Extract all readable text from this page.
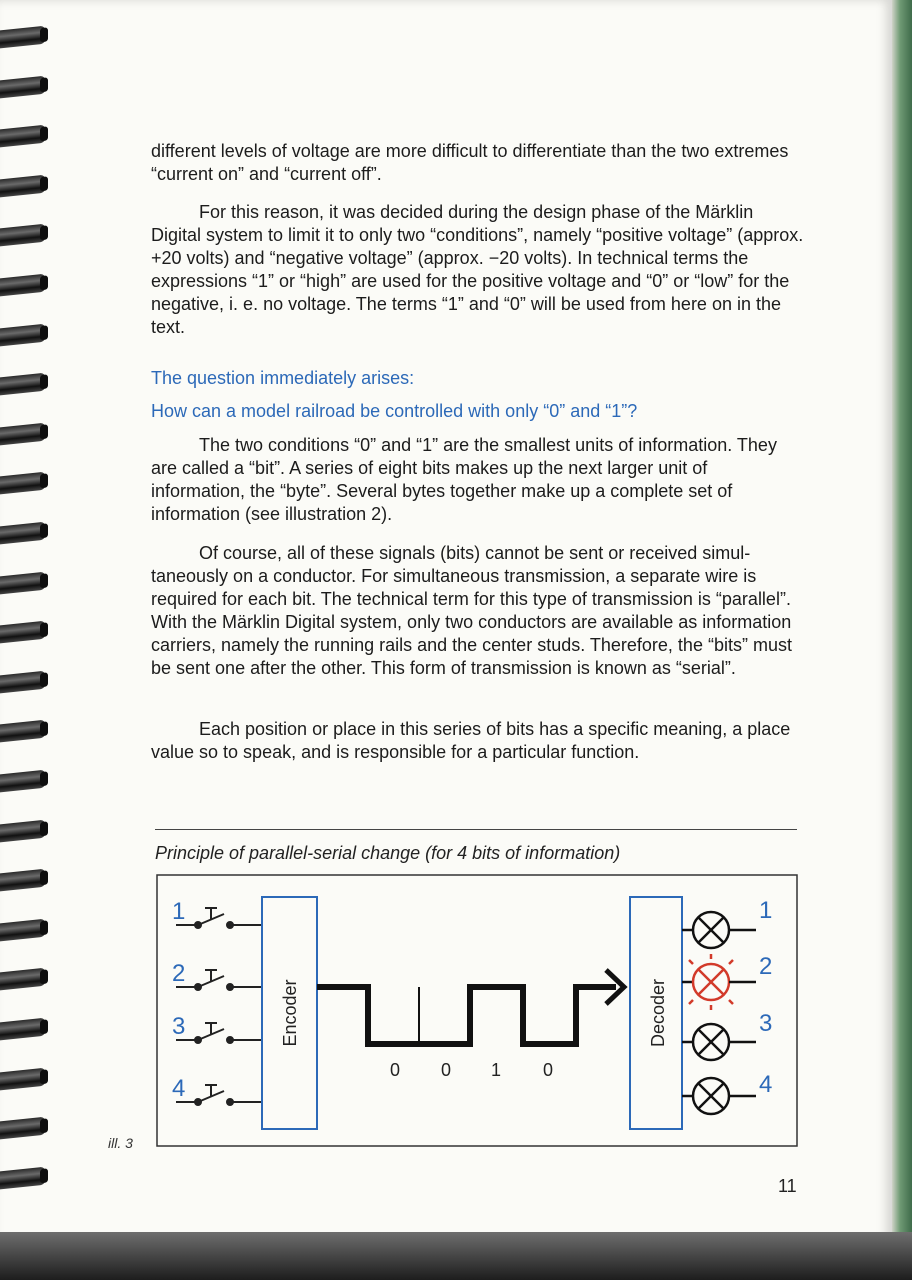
different levels of voltage are more difficult to differentiate than the two extremes “current on” and “current off”.

For this reason, it was decided during the design phase of the Märklin Digital system to limit it to only two “conditions”, namely “positive voltage” (approx. +20 volts) and “negative voltage” (approx. −20 volts). In technical terms the expressions “1” or “high” are used for the positive voltage and “0” or “low” for the negative, i. e. no voltage. The terms “1” and “0” will be used from here on in the text.

The question immediately arises:

How can a model railroad be controlled with only “0” and “1”?

The two conditions “0” and “1” are the smallest units of information. They are called a “bit”. A series of eight bits makes up the next larger unit of information, the “byte”. Several bytes together make up a complete set of information (see illustration 2).

Of course, all of these signals (bits) cannot be sent or received simultaneously on a conductor. For simultaneous transmission, a separate wire is required for each bit. The technical term for this type of transmission is “parallel”. With the Märklin Digital system, only two conductors are available as information carriers, namely the running rails and the center studs. Therefore, the “bits” must be sent one after the other. This form of transmission is known as “serial”.

Each position or place in this series of bits has a specific meaning, a place value so to speak, and is responsible for a particular function.

Principle of parallel-serial change (for 4 bits of information)
1
2
3
4
Encoder
0 0 1 0
Decoder
1
2
3
4
ill. 3
11
